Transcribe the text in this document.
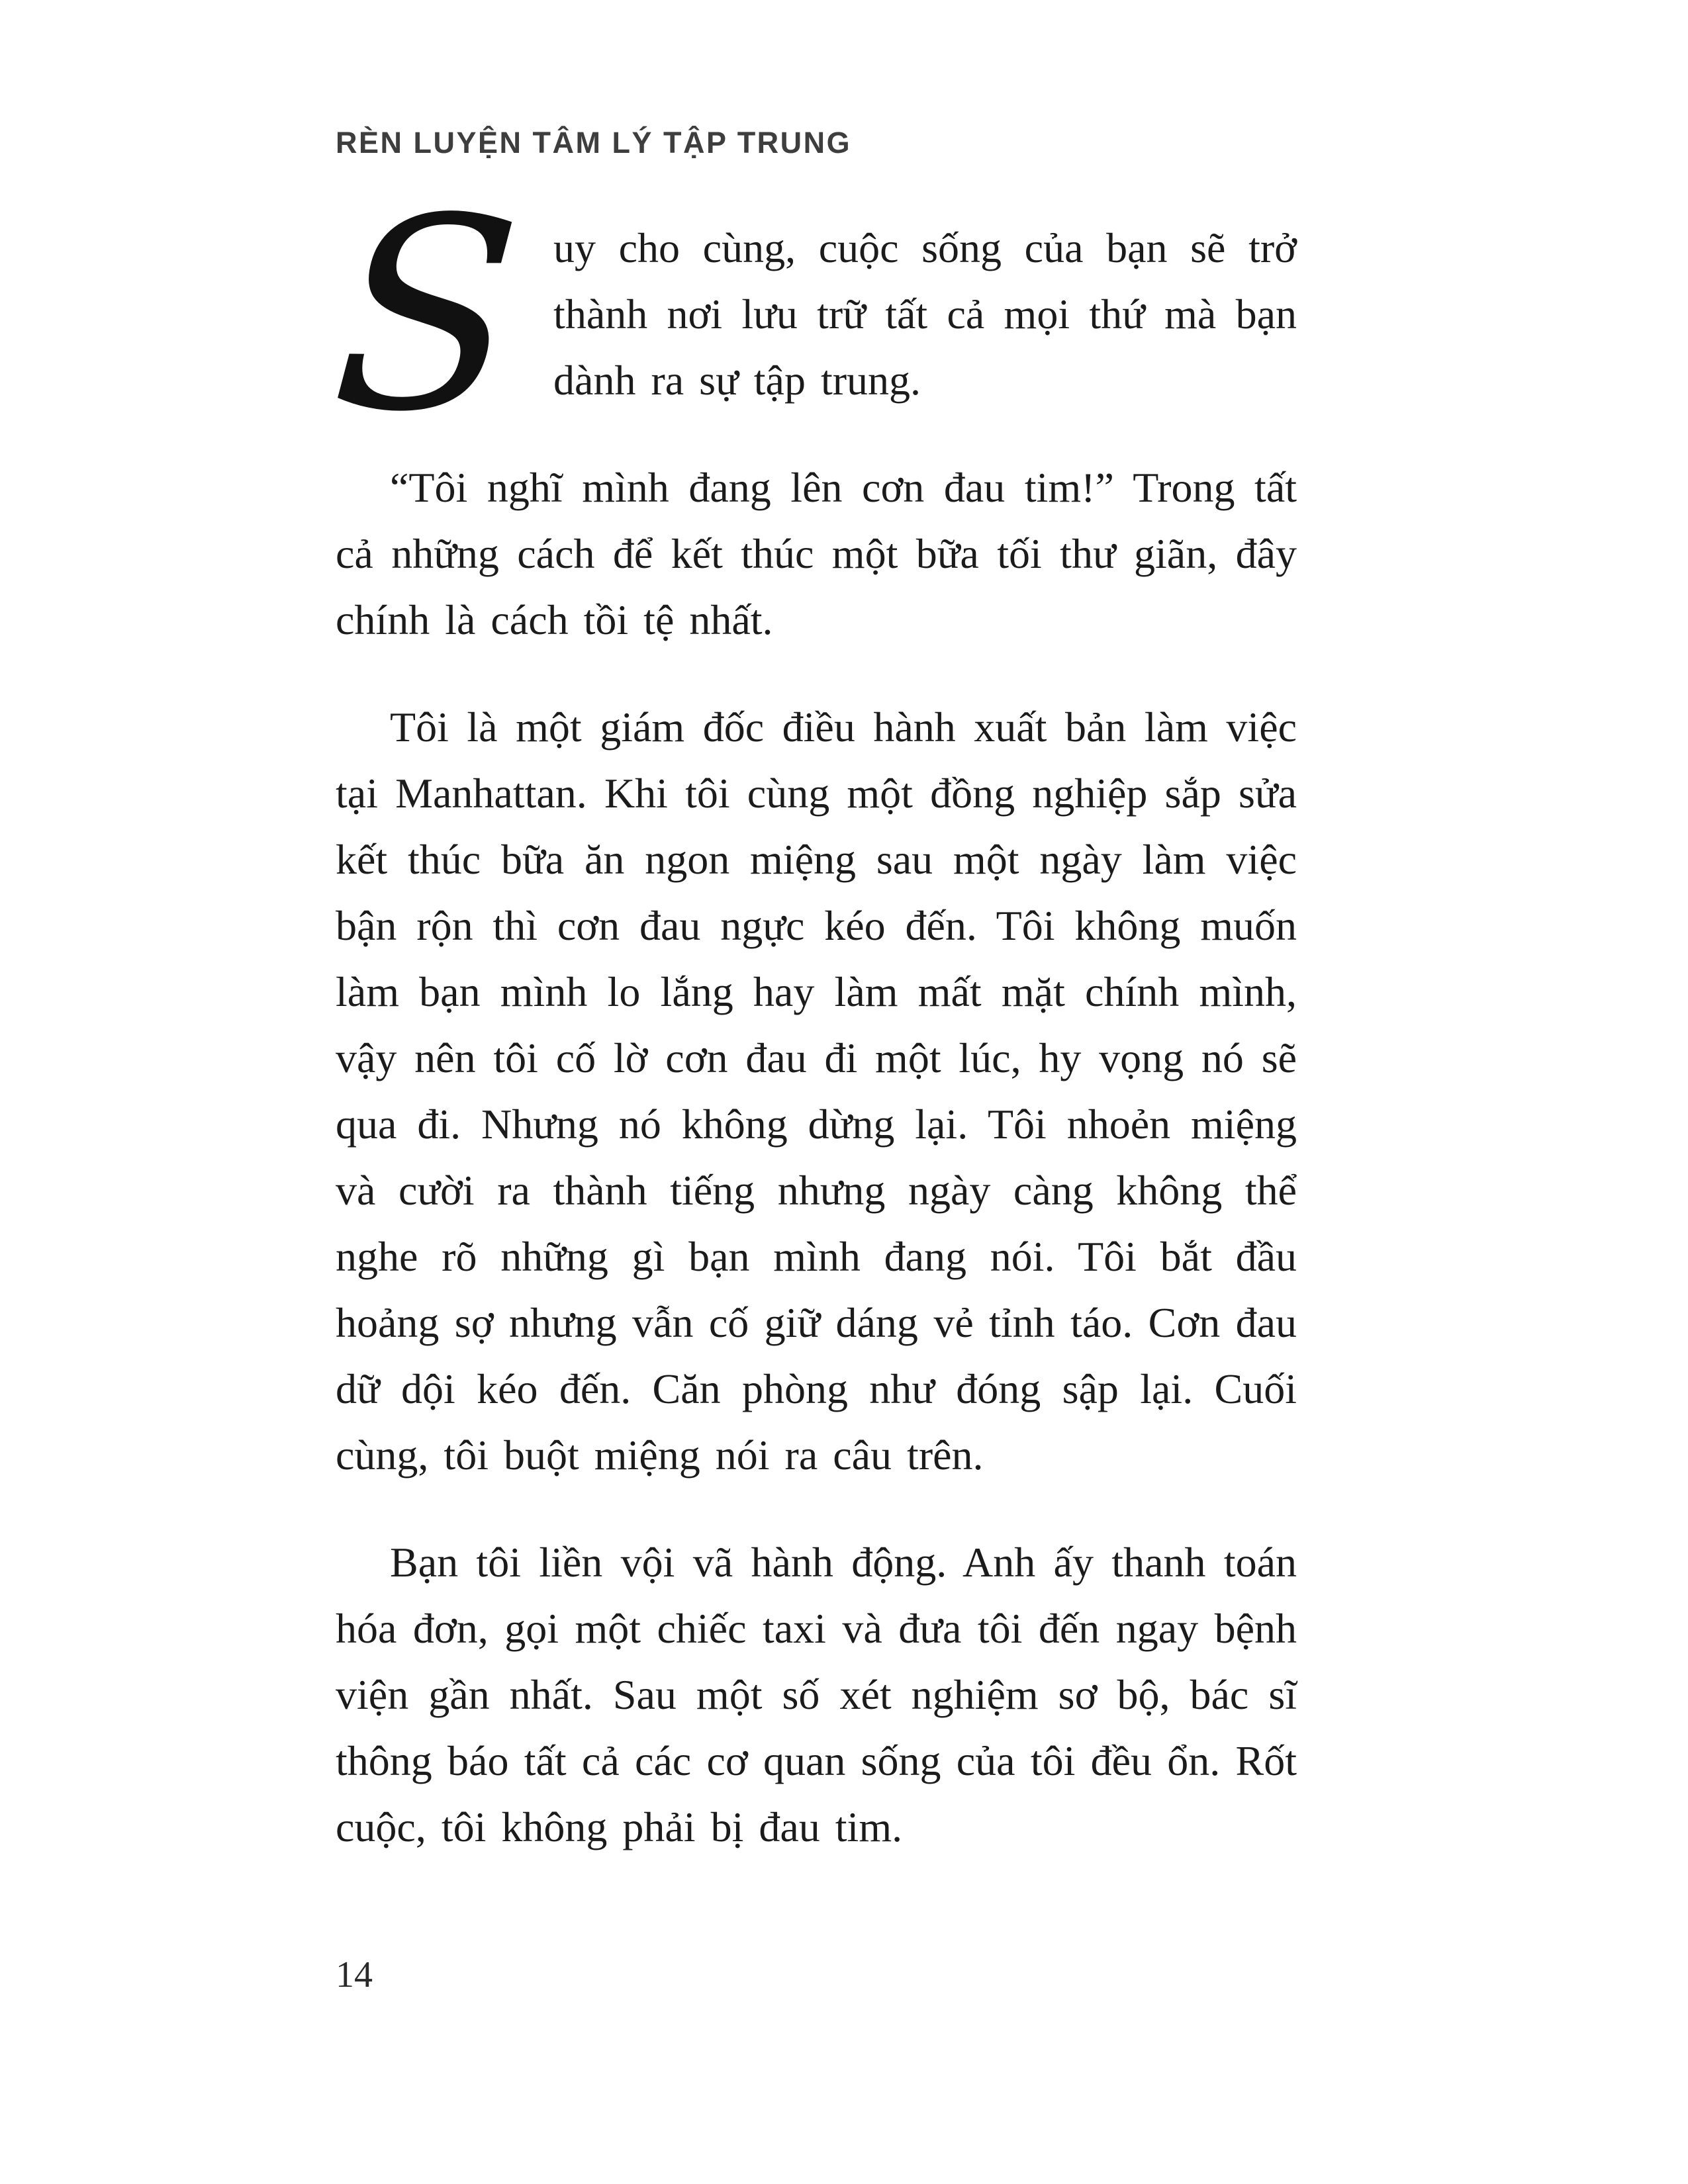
RÈN LUYỆN TÂM LÝ TẬP TRUNG

Suy cho cùng, cuộc sống của bạn sẽ trở thành nơi lưu trữ tất cả mọi thứ mà bạn dành ra sự tập trung.

“Tôi nghĩ mình đang lên cơn đau tim!” Trong tất cả những cách để kết thúc một bữa tối thư giãn, đây chính là cách tồi tệ nhất.

Tôi là một giám đốc điều hành xuất bản làm việc tại Manhattan. Khi tôi cùng một đồng nghiệp sắp sửa kết thúc bữa ăn ngon miệng sau một ngày làm việc bận rộn thì cơn đau ngực kéo đến. Tôi không muốn làm bạn mình lo lắng hay làm mất mặt chính mình, vậy nên tôi cố lờ cơn đau đi một lúc, hy vọng nó sẽ qua đi. Nhưng nó không dừng lại. Tôi nhoẻn miệng và cười ra thành tiếng nhưng ngày càng không thể nghe rõ những gì bạn mình đang nói. Tôi bắt đầu hoảng sợ nhưng vẫn cố giữ dáng vẻ tỉnh táo. Cơn đau dữ dội kéo đến. Căn phòng như đóng sập lại. Cuối cùng, tôi buột miệng nói ra câu trên.

Bạn tôi liền vội vã hành động. Anh ấy thanh toán hóa đơn, gọi một chiếc taxi và đưa tôi đến ngay bệnh viện gần nhất. Sau một số xét nghiệm sơ bộ, bác sĩ thông báo tất cả các cơ quan sống của tôi đều ổn. Rốt cuộc, tôi không phải bị đau tim.

14
